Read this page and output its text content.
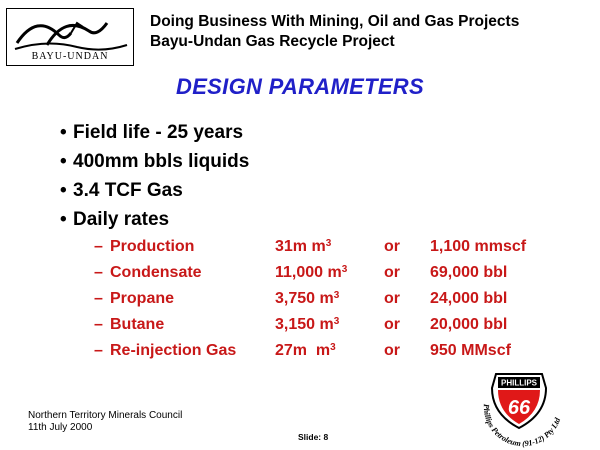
BAYU-UNDAN
Doing Business With Mining, Oil and Gas Projects
Bayu-Undan Gas Recycle Project
DESIGN PARAMETERS
• Field life - 25 years
• 400mm bbls liquids
• 3.4 TCF Gas
• Daily rates
– Production	31m $m^3$	or 1,100 mmscf
– Condensate	11,000 $m^3$ or 69,000 bbl
– Propane	3,750 $m^3$	or 24,000 bbl
– Butane	3,150 $m^3$	or 20,000 bbl
– Re-injection Gas 27m  $m^3$	or 950 MMscf
Northern Territory Minerals Council
11th July 2000
Slide: 8
PHILLIPS
66
Phillips Petroleum (91-12) Pty Ltd
